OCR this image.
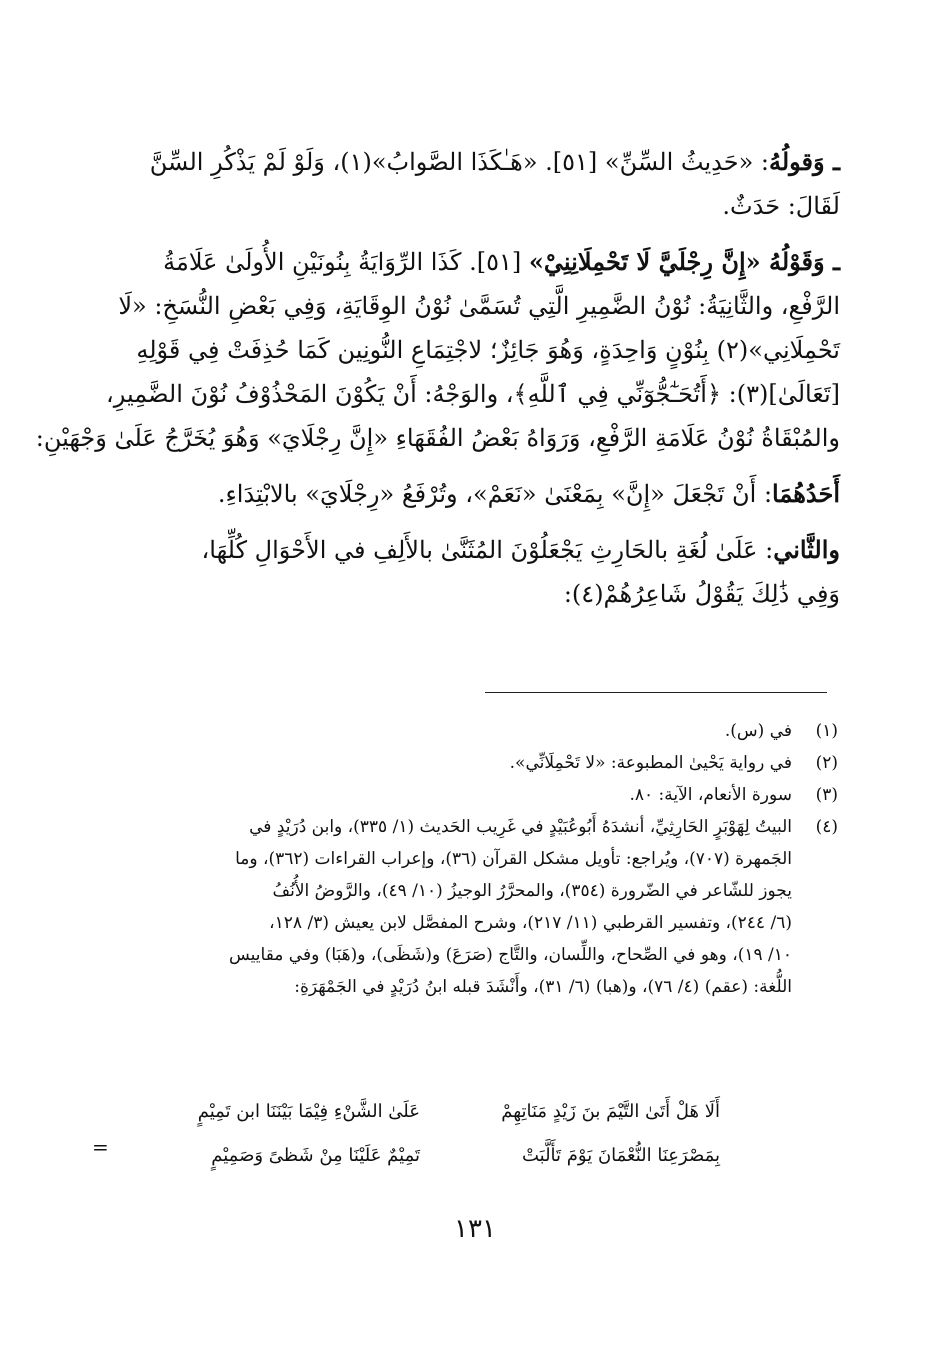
ـ وَقولُهُ: «حَدِيثُ السِّنِّ» [٥١]. «هَـٰكَذَا الصَّوابُ»(١)، وَلَوْ لَمْ يَذْكُرِ السِّنَّ
لَقَالَ: حَدَثٌ.
ـ وَقَوْلُهُ «إِنَّ رِجْلَيَّ لَا تَحْمِلَانِنِيْ» [٥١]. كَذَا الرِّوَايَةُ بِنُونَيْنِ الأُولَىٰ عَلَامَةُ
الرَّفْعِ، والثَّانِيَةُ: نُوْنُ الضَّمِيرِ الَّتِي تُسَمَّىٰ نُوْنُ الوِقَايَةِ، وَفِي بَعْضِ النُّسَخِ: «لَا
تَحْمِلَانِي»(٢) بِنُوْنٍ وَاحِدَةٍ، وَهُوَ جَائِزٌ؛ لاجْتِمَاعِ النُّونِين كَمَا حُذِفَتْ فِي قَوْلِهِ
[تَعَالَىٰ](٣): ﴿أَتُحَـٰٓجُّوٓنِّي فِي ٱللَّهِ﴾، والوَجْهُ: أَنْ يَكُوْنَ المَحْذُوْفُ نُوْنَ الضَّمِيرِ،
والمُبْقَاةُ نُوْنُ عَلَامَةِ الرَّفْعِ، وَرَوَاهُ بَعْضُ الفُقَهَاءِ «إِنَّ رِجْلَايَ» وَهُوَ يُخَرَّجُ عَلَىٰ وَجْهَيْنِ:
أَحَدُهُمَا: أَنْ تَجْعَلَ «إِنَّ» بِمَعْنَىٰ «نَعَمْ»، وتُرْفَعُ «رِجْلَايَ» بالابْتِدَاءِ.
والثَّاني: عَلَىٰ لُغَةِ بالحَارِثِ يَجْعَلُوْنَ المُثَنَّىٰ بالأَلِفِ في الأَحْوَالِ كُلِّهَا،
وَفِي ذَٰلِكَ يَقُوْلُ شَاعِرُهُمْ(٤):
(١)
في (س).
(٢)
في رواية يَحْيىٰ المطبوعة: «لا تَحْمِلَانِّي».
(٣)
سورة الأنعام، الآية: ٨٠.
(٤)
البيتُ لِهَوْبَرٍ الحَارِثِيِّ، أنشدَهُ أَبُوعُبَيْدٍ في غَرِيب الحَديث (١/ ٣٣٥)، وابن دُرَيْدٍ في
الجَمهرة (٧٠٧)، ويُراجع: تأويل مشكل القرآن (٣٦)، وإعراب القراءات (٣٦٢)، وما
يجوز للشّاعر في الضّرورة (٣٥٤)، والمحرَّرُ الوجيزُ (١٠/ ٤٩)، والرَّوضُ الأُنُفُ
(٦/ ٢٤٤)، وتفسير القرطبي (١١/ ٢١٧)، وشرح المفصَّل لابن يعيش (٣/ ١٢٨،
١٠/ ١٩)، وهو في الصِّحاح، واللِّسان، والتَّاج (صَرَعَ) و(شَظَى)، و(هَبَا) وفي مقاييس
اللُّغة: (عقم) (٤/ ٧٦)، و(هبا) (٦/ ٣١)، وأَنْشَدَ قبله ابنُ دُرَيْدٍ في الجَمْهَرَةِ:
أَلَا هَلْ أَتَىٰ التَّيْمَ بنَ زَيْدٍ مَنَاتِهِمْ
عَلَىٰ الشَّنْءِ فِيْمَا بَيْنَنَا ابن تَمِيْمٍ
بِمَصْرَعِنَا النُّعْمَانَ يَوْمَ تَأَلَّبَتْ
تَمِيْمٌ عَلَيْنَا مِنْ شَظىً وَصَمِيْمٍ
=
١٣١
